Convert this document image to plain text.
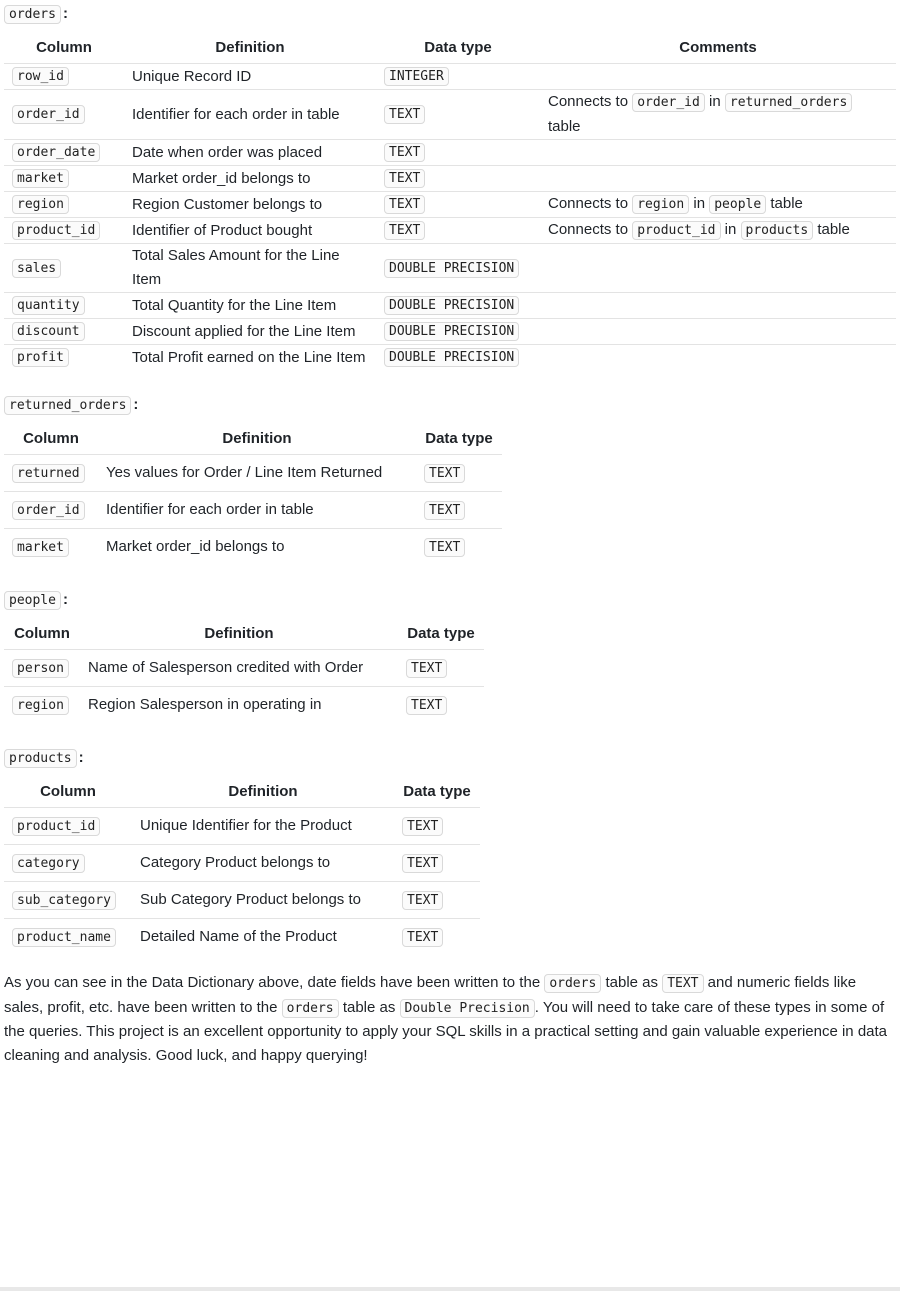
orders :

Column	Definition	Data type	Comments
row_id	Unique Record ID	INTEGER	
order_id	Identifier for each order in table	TEXT	Connects to order_id in returned_orders table
order_date	Date when order was placed	TEXT	
market	Market order_id belongs to	TEXT	
region	Region Customer belongs to	TEXT	Connects to region in people table
product_id	Identifier of Product bought	TEXT	Connects to product_id in products table
sales	Total Sales Amount for the Line Item	DOUBLE PRECISION	
quantity	Total Quantity for the Line Item	DOUBLE PRECISION	
discount	Discount applied for the Line Item	DOUBLE PRECISION	
profit	Total Profit earned on the Line Item	DOUBLE PRECISION	

returned_orders :

Column	Definition	Data type
returned	Yes values for Order / Line Item Returned	TEXT
order_id	Identifier for each order in table	TEXT
market	Market order_id belongs to	TEXT

people :

Column	Definition	Data type
person	Name of Salesperson credited with Order	TEXT
region	Region Salesperson in operating in	TEXT

products :

Column	Definition	Data type
product_id	Unique Identifier for the Product	TEXT
category	Category Product belongs to	TEXT
sub_category	Sub Category Product belongs to	TEXT
product_name	Detailed Name of the Product	TEXT

As you can see in the Data Dictionary above, date fields have been written to the orders table as TEXT and numeric fields like sales, profit, etc. have been written to the orders table as Double Precision . You will need to take care of these types in some of the queries. This project is an excellent opportunity to apply your SQL skills in a practical setting and gain valuable experience in data cleaning and analysis. Good luck, and happy querying!
